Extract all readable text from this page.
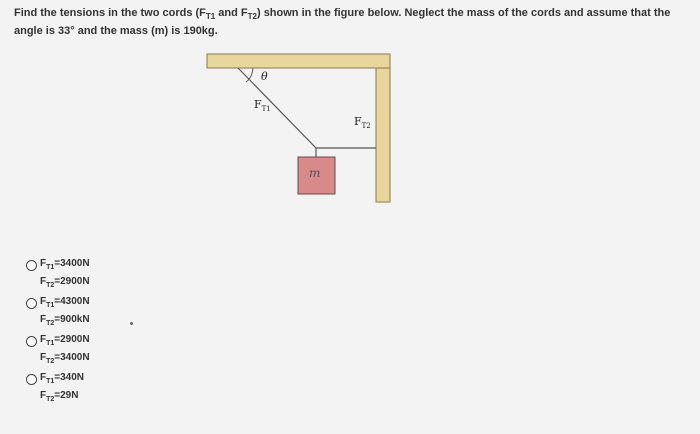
Find the tensions in the two cords ($F_{T1}$ and $F_{T2}$) shown in the figure below. Neglect the mass of the cords and assume that the angle is 33° and the mass (m) is 190kg.
θ
$F_{T1}$
$F_{T2}$
m
$F_{T1}=3400N$
$F_{T2}=2900N$
$F_{T1}=4300N$
$F_{T2}=900kN$
$F_{T1}=2900N$
$F_{T2}=3400N$
$F_{T1}=340N$
$F_{T2}=29N$
